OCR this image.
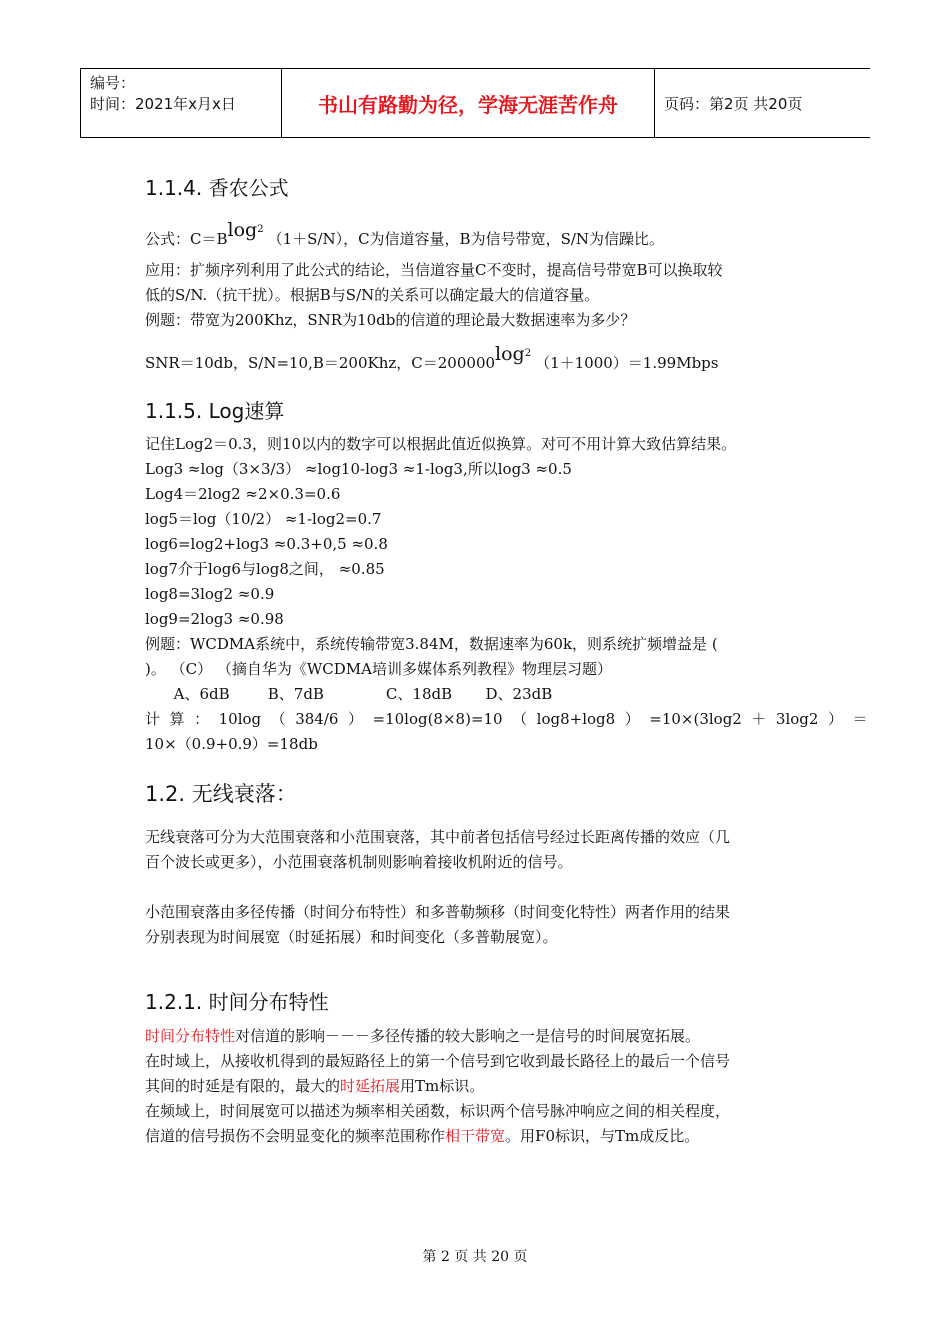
编号：
时间：2021年x月x日	书山有路勤为径，学海无涯苦作舟	页码：第2页 共20页
1.1.4. 香农公式
公式：C＝Blog$^2$（1＋S/N），C为信道容量，B为信号带宽，S/N为信躁比。
应用：扩频序列利用了此公式的结论，当信道容量C不变时，提高信号带宽B可以换取较
低的S/N.（抗干扰）。根据B与S/N的关系可以确定最大的信道容量。
例题：带宽为200Khz，SNR为10db的信道的理论最大数据速率为多少？
SNR＝10db，S/N=10,B＝200Khz，$C=200000\log^2(1+1000)=1.99Mbps$
1.1.5. Log速算
记住Log2＝0.3，则10以内的数字可以根据此值近似换算。对可不用计算大致估算结果。
Log3 ≈log（3×3/3） ≈log10-log3 ≈1-log3,所以log3 ≈0.5
Log4＝2log2 ≈2×0.3=0.6
log5＝log（10/2） ≈1-log2=0.7
log6=log2+log3 ≈0.3+0,5 ≈0.8
log7介于log6与log8之间， ≈0.85
log8=3log2 ≈0.9
log9=2log3 ≈0.98
例题：WCDMA系统中，系统传输带宽3.84M，数据速率为60k，则系统扩频增益是 (
)。 （C） （摘自华为《WCDMA培训多媒体系列教程》物理层习题）
A、6dB        B、7dB             C、18dB       D、23dB
计  算  ：  10log  （  384/6  ）  =10log(8×8)=10  （  log8+log8  ）  =10×(3log2  ＋  3log2  ）  ＝
10×（0.9+0.9）=18db
1.2. 无线衰落：
无线衰落可分为大范围衰落和小范围衰落，其中前者包括信号经过长距离传播的效应（几
百个波长或更多），小范围衰落机制则影响着接收机附近的信号。
小范围衰落由多径传播（时间分布特性）和多普勒频移（时间变化特性）两者作用的结果
分别表现为时间展宽（时延拓展）和时间变化（多普勒展宽）。
1.2.1. 时间分布特性
时间分布特性对信道的影响－－－多径传播的较大影响之一是信号的时间展宽拓展。
在时域上，从接收机得到的最短路径上的第一个信号到它收到最长路径上的最后一个信号
其间的时延是有限的，最大的时延拓展用Tm标识。
在频域上，时间展宽可以描述为频率相关函数，标识两个信号脉冲响应之间的相关程度，
信道的信号损伤不会明显变化的频率范围称作相干带宽。用F0标识，与Tm成反比。
第 2 页 共 20 页
